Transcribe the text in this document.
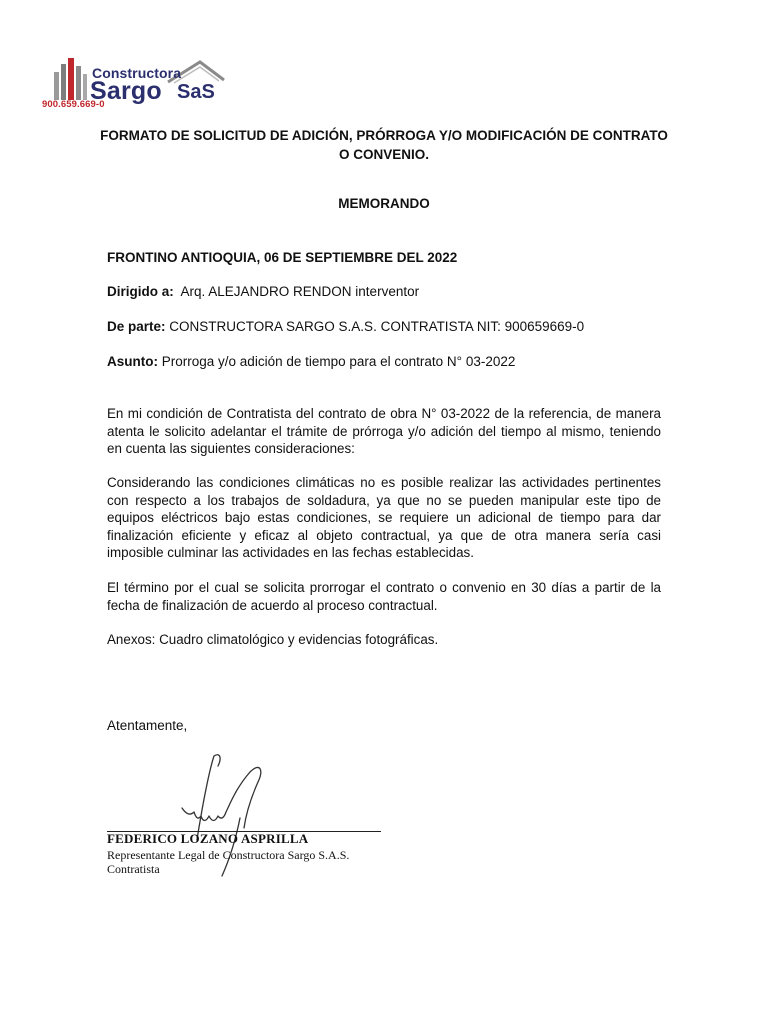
Constructora
Sargo SaS
900.659.669-0
FORMATO DE SOLICITUD DE ADICIÓN, PRÓRROGA Y/O MODIFICACIÓN DE CONTRATO O CONVENIO.
MEMORANDO
FRONTINO ANTIOQUIA, 06 DE SEPTIEMBRE DEL 2022
Dirigido a: Arq. ALEJANDRO RENDON interventor
De parte: CONSTRUCTORA SARGO S.A.S. CONTRATISTA NIT: 900659669-0
Asunto: Prorroga y/o adición de tiempo para el contrato N° 03-2022
En mi condición de Contratista del contrato de obra N° 03-2022 de la referencia, de manera atenta le solicito adelantar el trámite de prórroga y/o adición del tiempo al mismo, teniendo en cuenta las siguientes consideraciones:
Considerando las condiciones climáticas no es posible realizar las actividades pertinentes con respecto a los trabajos de soldadura, ya que no se pueden manipular este tipo de equipos eléctricos bajo estas condiciones, se requiere un adicional de tiempo para dar finalización eficiente y eficaz al objeto contractual, ya que de otra manera sería casi imposible culminar las actividades en las fechas establecidas.
El término por el cual se solicita prorrogar el contrato o convenio en 30 días a partir de la fecha de finalización de acuerdo al proceso contractual.
Anexos: Cuadro climatológico y evidencias fotográficas.
Atentamente,
FEDERICO LOZANO ASPRILLA
Representante Legal de Constructora Sargo S.A.S.
Contratista
